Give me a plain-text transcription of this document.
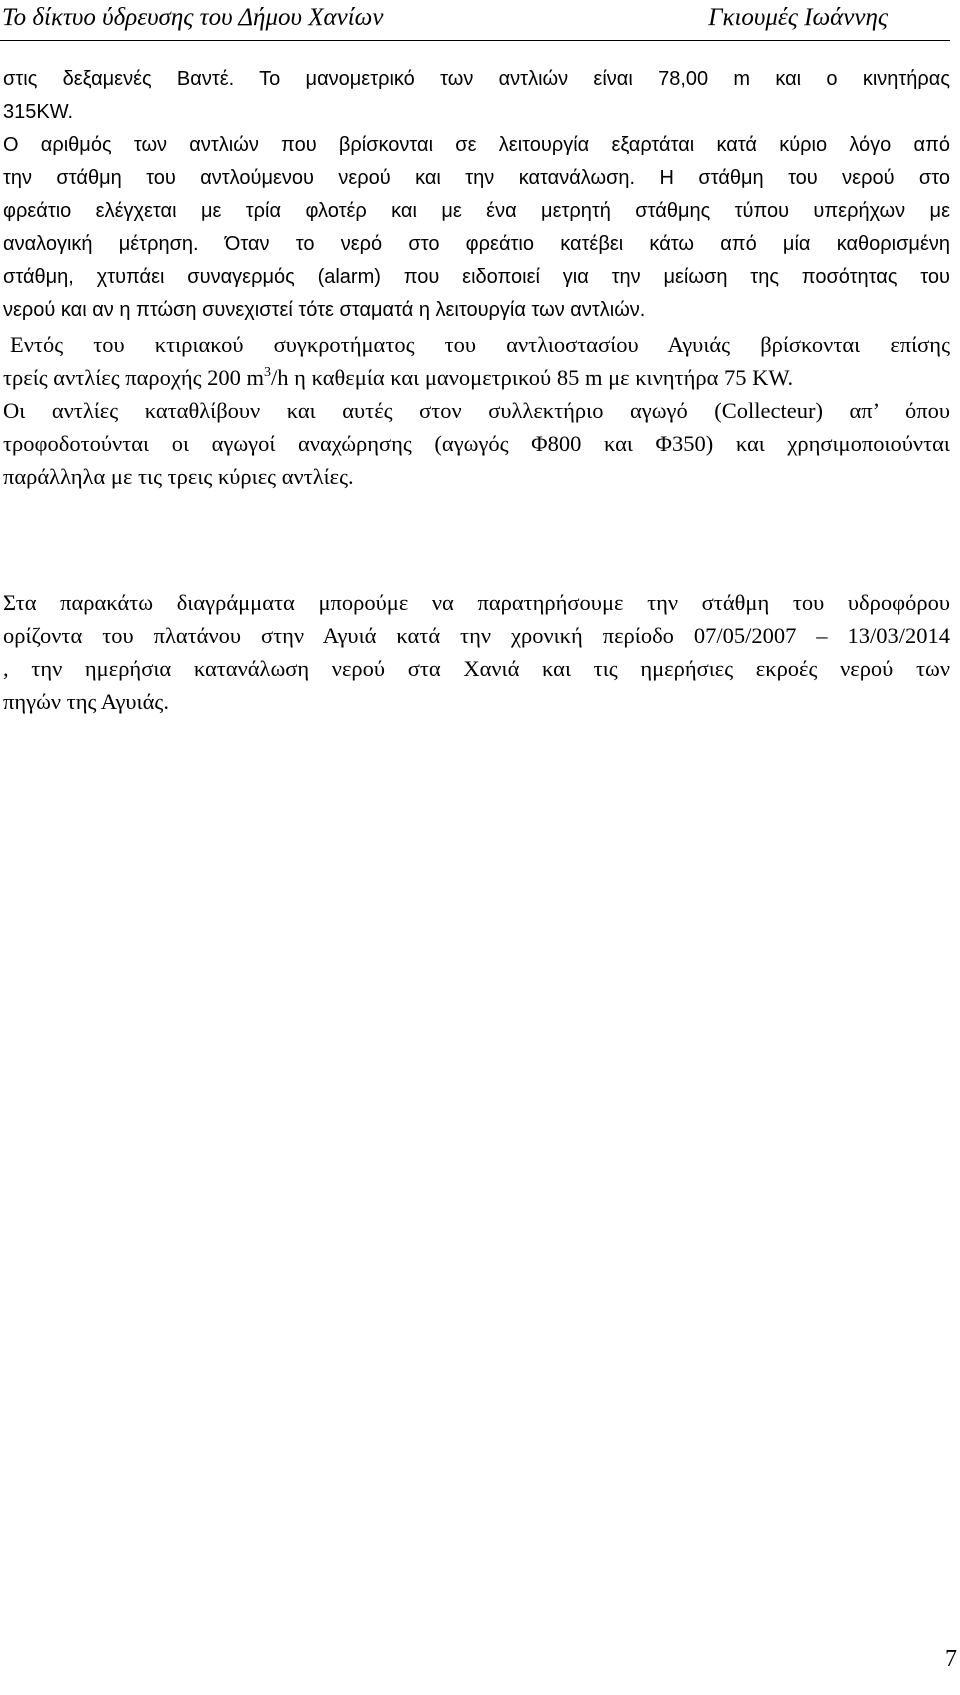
Το δίκτυο ύδρευσης του Δήμου Χανίων	Γκιουμές Ιωάννης

στις δεξαμενές Βαντέ. Το μανομετρικό των αντλιών είναι 78,00 m και ο κινητήρας

315KW.

Ο αριθμός των αντλιών που βρίσκονται σε λειτουργία εξαρτάται κατά κύριο λόγο από

την στάθμη του αντλούμενου νερού και την κατανάλωση. Η στάθμη του νερού στο

φρεάτιο ελέγχεται με τρία φλοτέρ και με ένα μετρητή στάθμης τύπου υπερήχων με

αναλογική μέτρηση. Όταν το νερό στο φρεάτιο κατέβει κάτω από μία καθορισμένη

στάθμη, χτυπάει συναγερμός (alarm) που ειδοποιεί για την μείωση της ποσότητας του

νερού και αν η πτώση συνεχιστεί τότε σταματά η λειτουργία των αντλιών.

Εντός του κτιριακού συγκροτήματος του αντλιοστασίου Αγυιάς βρίσκονται επίσης

τρείς αντλίες παροχής 200 $m^3/h$ η καθεμία και μανομετρικού 85 m με κινητήρα 75 KW.

Οι αντλίες καταθλίβουν και αυτές στον συλλεκτήριο αγωγό (Collecteur) απ’ όπου

τροφοδοτούνται οι αγωγοί αναχώρησης (αγωγός Φ800 και Φ350) και χρησιμοποιούνται

παράλληλα με τις τρεις κύριες αντλίες.

Στα παρακάτω διαγράμματα μπορούμε να παρατηρήσουμε την στάθμη του υδροφόρου

ορίζοντα του πλατάνου στην Αγυιά κατά την χρονική περίοδο 07/05/2007 – 13/03/2014

, την ημερήσια κατανάλωση νερού στα Χανιά και τις ημερήσιες εκροές νερού των

πηγών της Αγυιάς.

7
